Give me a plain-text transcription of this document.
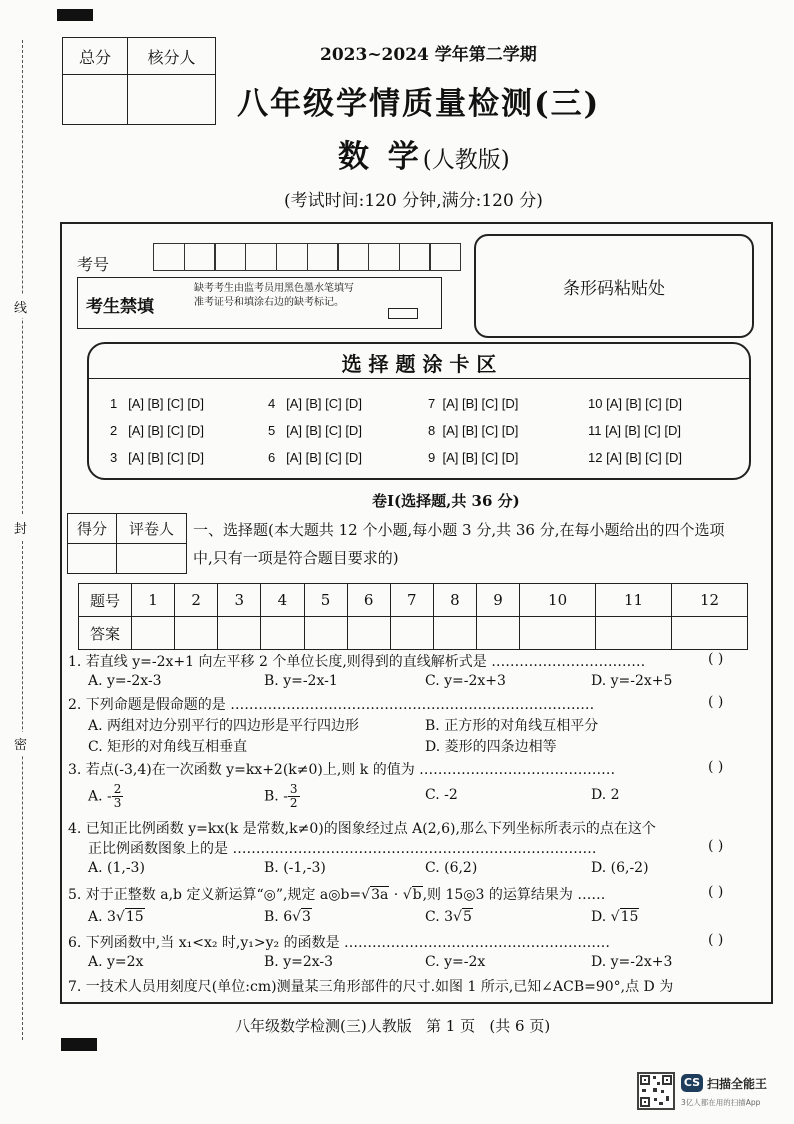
线
封
密
总分	核分人
		2023~2024 学年第二学期
八年级学情质量检测(三)
数 学(人教版)
(考试时间:120 分钟,满分:120 分)
考号
考生禁填
缺考考生由监考员用黑色墨水笔填写准考证号和填涂右边的缺考标记。
条形码粘贴处
选 择 题 涂 卡 区
1 [A] [B] [C] [D]
2 [A] [B] [C] [D]
3 [A] [B] [C] [D]
4 [A] [B] [C] [D]
5 [A] [B] [C] [D]
6 [A] [B] [C] [D]
7 [A] [B] [C] [D]
8 [A] [B] [C] [D]
9 [A] [B] [C] [D]
10 [A] [B] [C] [D]
11 [A] [B] [C] [D]
12 [A] [B] [C] [D]
卷Ⅰ(选择题,共 36 分)
得分	评卷人
	一、选择题(本大题共 12 个小题,每小题 3 分,共 36 分,在每小题给出的四个选项
中,只有一项是符合题目要求的)
题号	1	2	3	4	5	6	7	8	9	10	11	12
答案												
1. 若直线 y=-2x+1 向左平移 2 个单位长度,则得到的直线解析式是 ……………………………	( )
A. y=-2x-3	B. y=-2x-1	C. y=-2x+3	D. y=-2x+5
2. 下列命题是假命题的是 ……………………………………………………………………	( )
A. 两组对边分别平行的四边形是平行四边形	B. 正方形的对角线互相平分
C. 矩形的对角线互相垂直	D. 菱形的四条边相等
3. 若点(-3,4)在一次函数 y=kx+2(k≠0)上,则 k 的值为 ……………………………………	( )
A. - $\frac{2}{3}$	B. - $\frac{3}{2}$	C. -2	D. 2
4. 已知正比例函数 y=kx(k 是常数,k≠0)的图象经过点 A(2,6),那么下列坐标所表示的点在这个
正比例函数图象上的是 ……………………………………………………………………	( )
A. (1,-3)	B. (-1,-3)	C. (6,2)	D. (6,-2)
5. 对于正整数 a,b 定义新运算“◎”,规定 a◎b=√3a · √b,则 15◎3 的运算结果为 ……	( )
A. 3√15	B. 6√3	C. 3√5	D. √15
6. 下列函数中,当 x₁<x₂ 时,y₁>y₂ 的函数是 …………………………………………………	( )
A. y=2x	B. y=2x-3	C. y=-2x	D. y=-2x+3
7. 一技术人员用刻度尺(单位:cm)测量某三角形部件的尺寸.如图 1 所示,已知∠ACB=90°,点 D 为
八年级数学检测(三)人教版   第 1 页   (共 6 页)
CS 扫描全能王
3亿人都在用的扫描App
